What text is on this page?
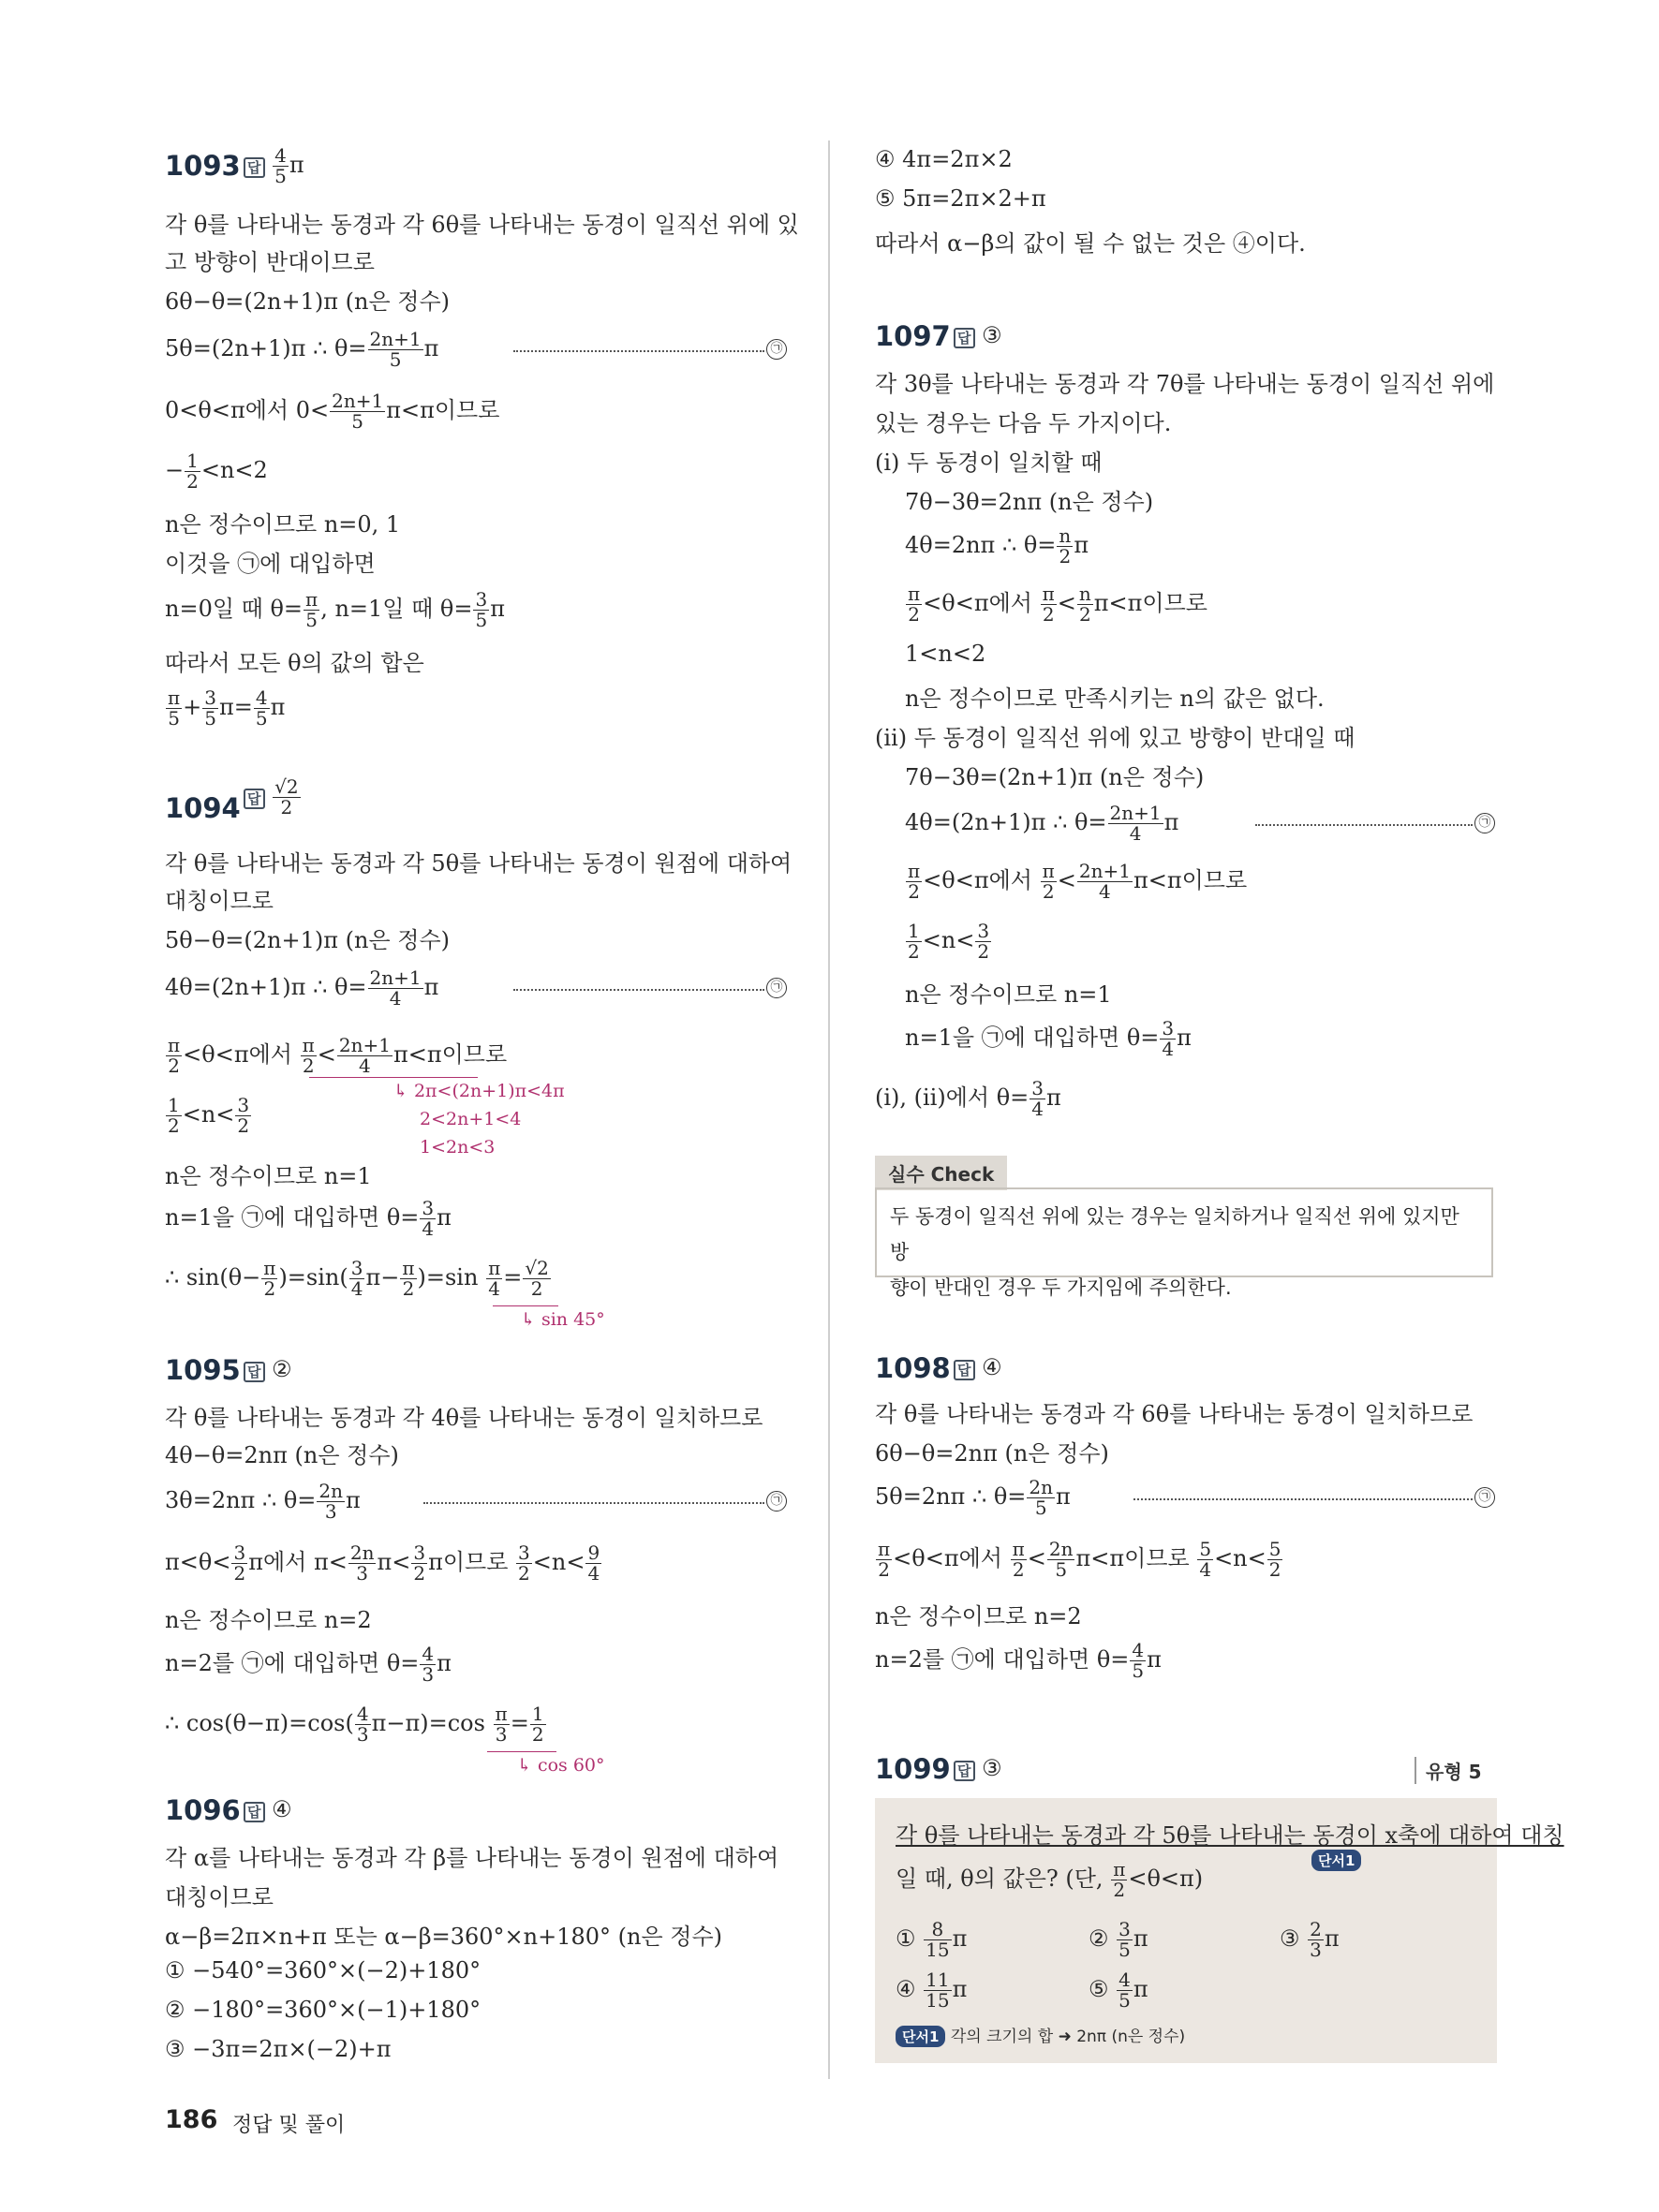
1093 답 $\frac{4}{5}$ π
각 θ를 나타내는 동경과 각 6θ를 나타내는 동경이 일직선 위에 있
고 방향이 반대이므로
6θ−θ=(2n+1)π (n은 정수)
5θ=(2n+1)π ∴ $\theta= \frac{2n+1}{5}$ π	㉠
0<θ<π에서 $0< \frac{2n+1}{5} \pi<\pi$이므로
− $\frac{1}{2} <n<2$
n은 정수이므로 n=0, 1
이것을 ㉠에 대입하면
n=0일 때 $\theta= \frac{\pi}{5}$ , n=1일 때 $\theta= \frac{3}{5}$ π
따라서 모든 θ의 값의 합은
$\frac{\pi}{5} + \frac{3}{5} \pi= \frac{4}{5}$ π
1094 답 $\frac{√2}{2}$
각 θ를 나타내는 동경과 각 5θ를 나타내는 동경이 원점에 대하여
대칭이므로
5θ−θ=(2n+1)π (n은 정수)
4θ=(2n+1)π ∴ $\theta= \frac{2n+1}{4}$ π	㉠
$\frac{\pi}{2} <\theta<\pi$에서 $\frac{\pi}{2} < \frac{2n+1}{4} \pi<\pi$이므로
↳ 2π<(2n+1)π<4π
2<2n+1<4
1<2n<3
$\frac{1}{2} <n< \frac{3}{2}$
n은 정수이므로 n=1
n=1을 ㉠에 대입하면 $\theta= \frac{3}{4}$ π
∴ $\sin(\theta- \frac{\pi}{2} )=\sin( \frac{3}{4} \pi- \frac{\pi}{2} )=\sin \frac{\pi}{4} = \frac{√2}{2}$
↳ sin 45°
1095 답 ②
각 θ를 나타내는 동경과 각 4θ를 나타내는 동경이 일치하므로
4θ−θ=2nπ (n은 정수)
3θ=2nπ ∴ $\theta= \frac{2n}{3}$ π	㉠
$\pi<\theta< \frac{3}{2}$ π에서 $\pi< \frac{2n}{3} \pi< \frac{3}{2}$ π이므로 $\frac{3}{2} <n< \frac{9}{4}$
n은 정수이므로 n=2
n=2를 ㉠에 대입하면 $\theta= \frac{4}{3}$ π
∴ $\cos(\theta-\pi)=\cos( \frac{4}{3} \pi-\pi)=\cos \frac{\pi}{3} = \frac{1}{2}$
↳ cos 60°
1096 답 ④
각 α를 나타내는 동경과 각 β를 나타내는 동경이 원점에 대하여
대칭이므로
α−β=2π×n+π 또는 α−β=360°×n+180° (n은 정수)
① −540°=360°×(−2)+180°
② −180°=360°×(−1)+180°
③ −3π=2π×(−2)+π
④ 4π=2π×2
⑤ 5π=2π×2+π
따라서 α−β의 값이 될 수 없는 것은 ④이다.
1097 답 ③
각 3θ를 나타내는 동경과 각 7θ를 나타내는 동경이 일직선 위에
있는 경우는 다음 두 가지이다.
(ⅰ) 두 동경이 일치할 때
7θ−3θ=2nπ (n은 정수)
4θ=2nπ ∴ $\theta= \frac{n}{2}$ π
$\frac{\pi}{2} <\theta<\pi$에서 $\frac{\pi}{2} < \frac{n}{2} \pi<\pi$이므로
1<n<2
n은 정수이므로 만족시키는 n의 값은 없다.
(ⅱ) 두 동경이 일직선 위에 있고 방향이 반대일 때
7θ−3θ=(2n+1)π (n은 정수)
4θ=(2n+1)π ∴ $\theta= \frac{2n+1}{4}$ π	㉠
$\frac{\pi}{2} <\theta<\pi$에서 $\frac{\pi}{2} < \frac{2n+1}{4} \pi<\pi$이므로
$\frac{1}{2} <n< \frac{3}{2}$
n은 정수이므로 n=1
n=1을 ㉠에 대입하면 $\theta= \frac{3}{4}$ π
(ⅰ), (ⅱ)에서 $\theta= \frac{3}{4}$ π
실수 Check
두 동경이 일직선 위에 있는 경우는 일치하거나 일직선 위에 있지만 방
향이 반대인 경우 두 가지임에 주의한다.
1098 답 ④
각 θ를 나타내는 동경과 각 6θ를 나타내는 동경이 일치하므로
6θ−θ=2nπ (n은 정수)
5θ=2nπ ∴ $\theta= \frac{2n}{5}$ π	㉠
$\frac{\pi}{2} <\theta<\pi$에서 $\frac{\pi}{2} < \frac{2n}{5} \pi<\pi$이므로 $\frac{5}{4} <n< \frac{5}{2}$
n은 정수이므로 n=2
n=2를 ㉠에 대입하면 $\theta= \frac{4}{5}$ π
1099 답 ③	유형 5
각 θ를 나타내는 동경과 각 5θ를 나타내는 동경이 x축에 대하여 대칭
단서1
일 때, θ의 값은? (단, $\frac{\pi}{2} <\theta<\pi$)
① $\frac{8}{15}$ π	② $\frac{3}{5}$ π	③ $\frac{2}{3}$ π
④ $\frac{11}{15}$ π	⑤ $\frac{4}{5}$ π
단서1 각의 크기의 합 ➜ 2nπ (n은 정수)
186 정답 및 풀이
